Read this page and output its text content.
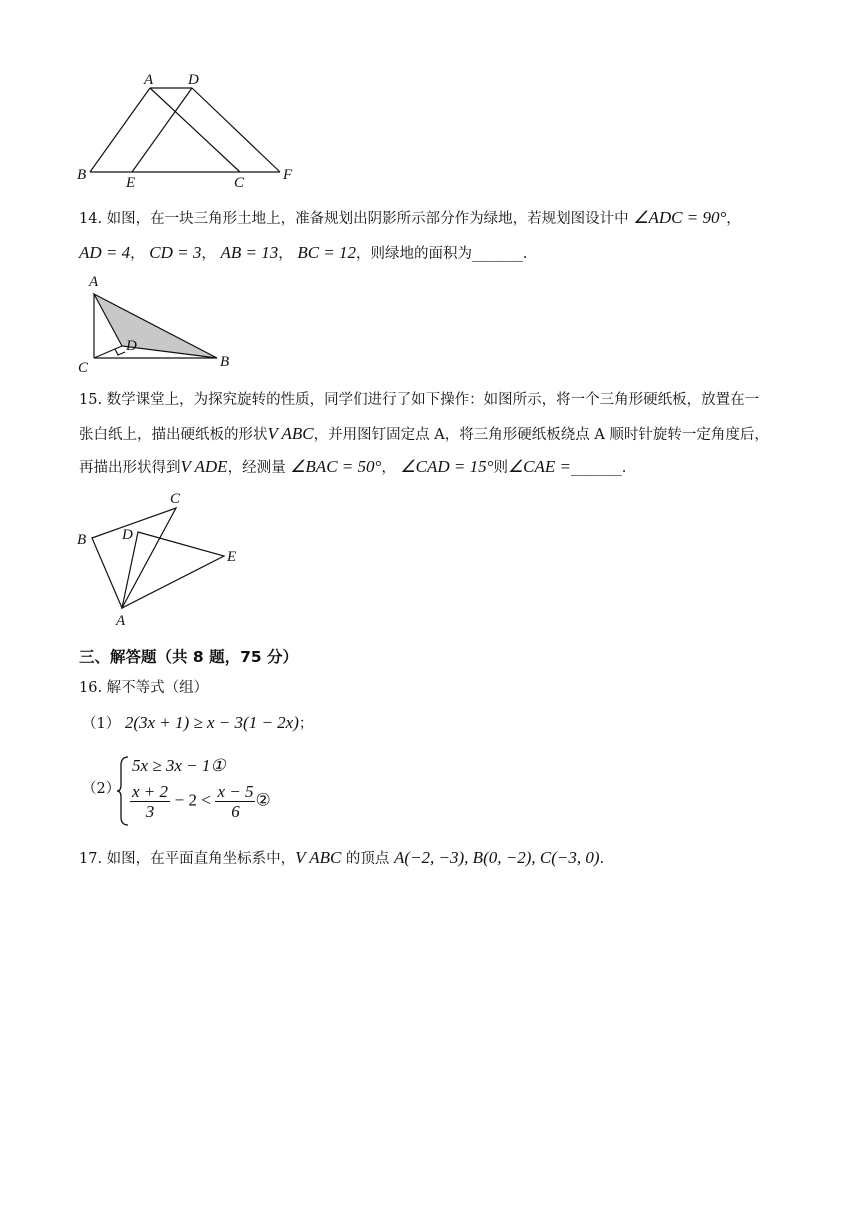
A D
B	E	C	F
14. 如图，在一块三角形土地上，准备规划出阴影所示部分作为绿地，若规划图设计中 ∠ADC = 90°，
AD = 4， CD = 3， AB = 13， BC = 12，则绿地的面积为_______.
A
D
C	B
15. 数学课堂上，为探究旋转的性质，同学们进行了如下操作：如图所示，将一个三角形硬纸板，放置在一
张白纸上，描出硬纸板的形状V ABC，并用图钉固定点 A，将三角形硬纸板绕点 A 顺时针旋转一定角度后，
再描出形状得到V ADE，经测量 ∠BAC = 50°， ∠CAD = 15°则∠CAE =_______.
C
B D
E
A
三、解答题（共 8 题，75 分）
16. 解不等式（组）
（1） 2(3x + 1) ≥ x − 3(1 − 2x)；
（2）
5x ≥ 3x − 1①
$\frac{x + 2}{3} - 2 < \frac{x - 5}{6}$ ②
17. 如图，在平面直角坐标系中，V ABC 的顶点 A(−2, −3), B(0, −2), C(−3, 0).
